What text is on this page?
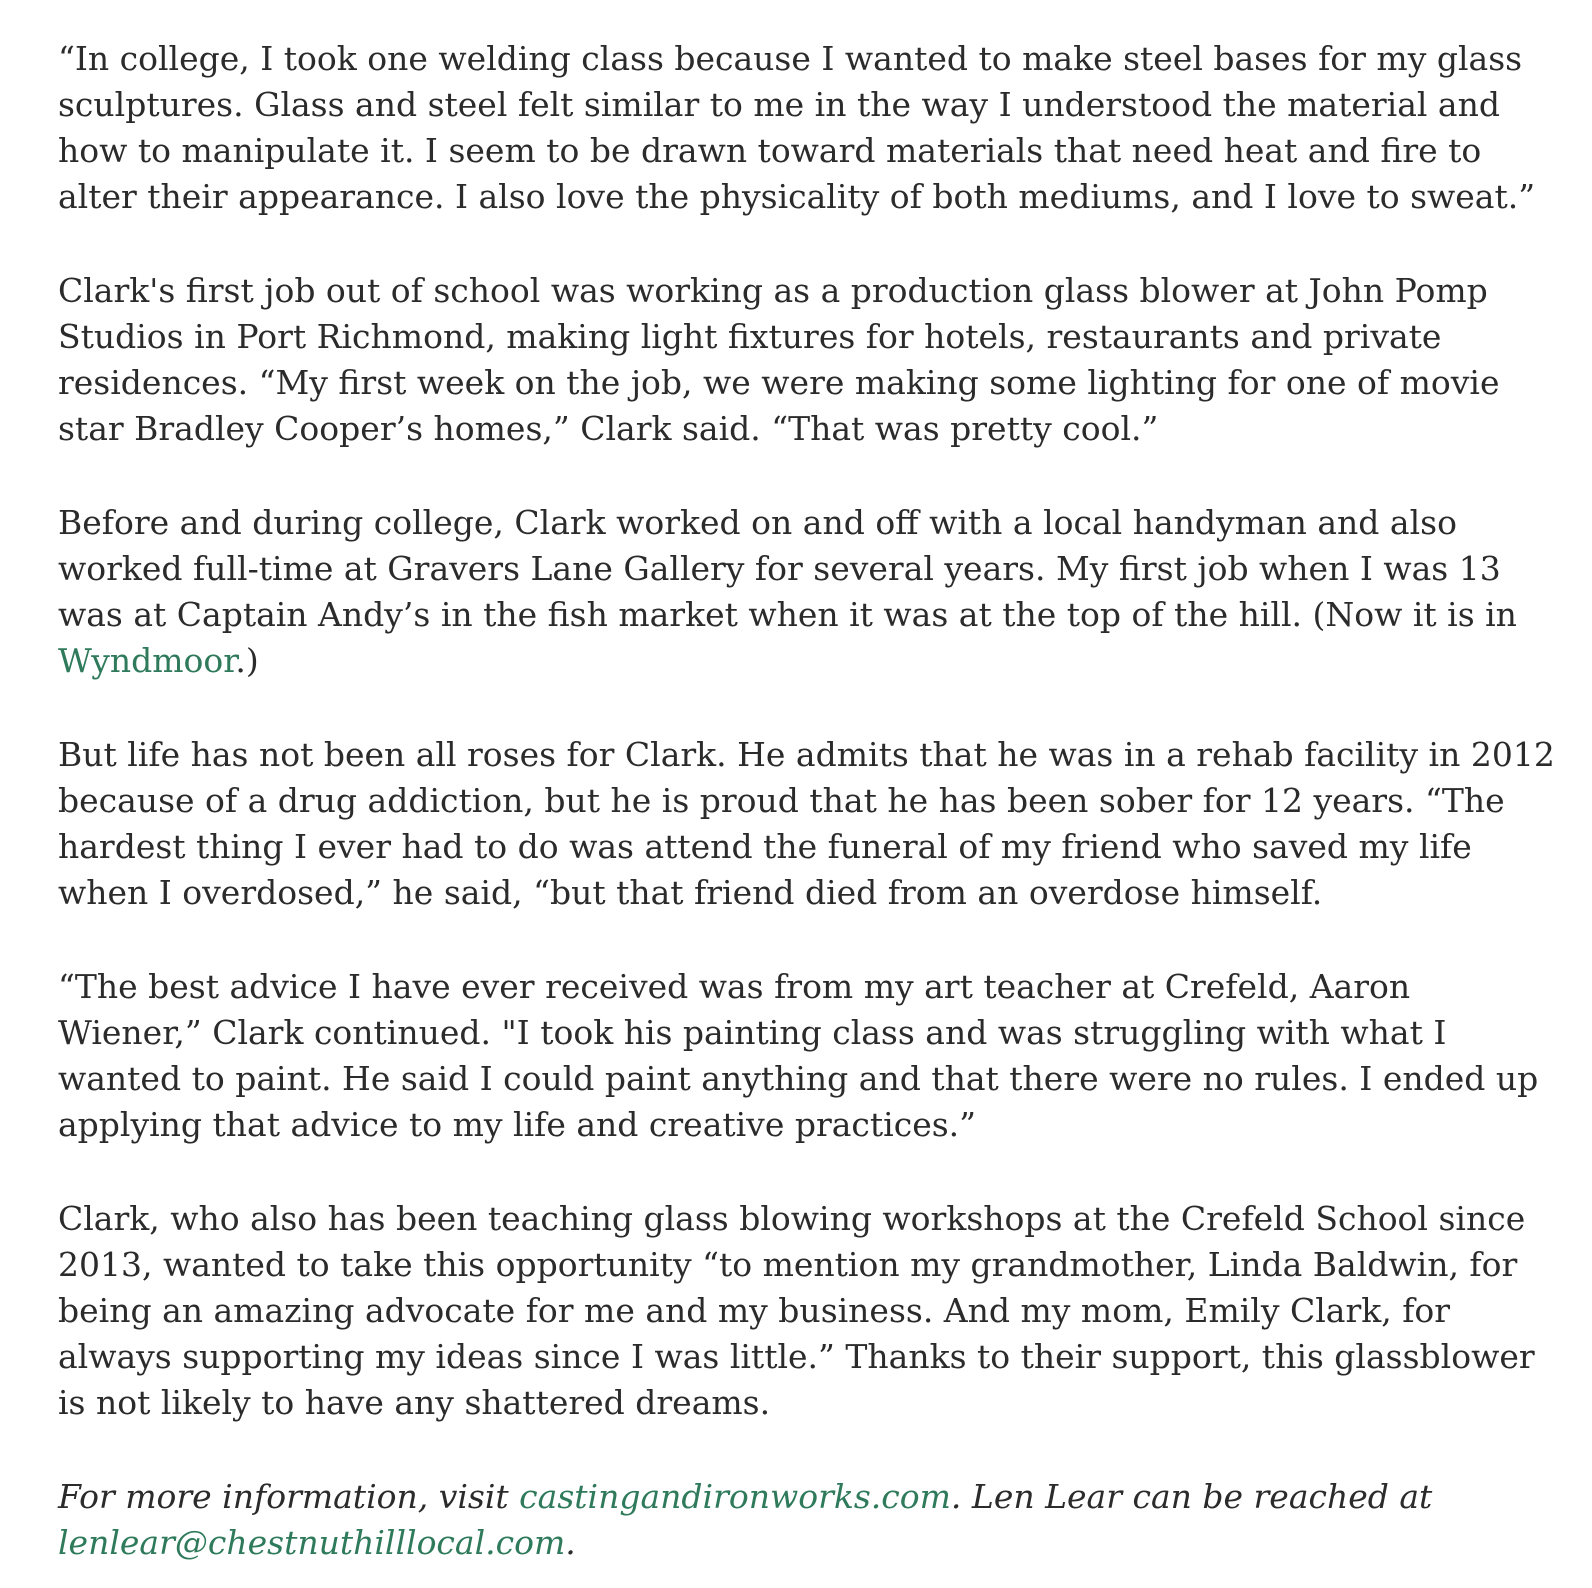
“In college, I took one welding class because I wanted to make steel bases for my glass sculptures. Glass and steel felt similar to me in the way I understood the material and how to manipulate it. I seem to be drawn toward materials that need heat and fire to alter their appearance. I also love the physicality of both mediums, and I love to sweat.”

Clark's first job out of school was working as a production glass blower at John Pomp Studios in Port Richmond, making light fixtures for hotels, restaurants and private residences. “My first week on the job, we were making some lighting for one of movie star Bradley Cooper’s homes,” Clark said. “That was pretty cool.”

Before and during college, Clark worked on and off with a local handyman and also worked full-time at Gravers Lane Gallery for several years. My first job when I was 13 was at Captain Andy’s in the fish market when it was at the top of the hill. (Now it is in Wyndmoor.)

But life has not been all roses for Clark. He admits that he was in a rehab facility in 2012 because of a drug addiction, but he is proud that he has been sober for 12 years. “The hardest thing I ever had to do was attend the funeral of my friend who saved my life when I overdosed,” he said, “but that friend died from an overdose himself.

“The best advice I have ever received was from my art teacher at Crefeld, Aaron Wiener,” Clark continued. "I took his painting class and was struggling with what I wanted to paint. He said I could paint anything and that there were no rules. I ended up applying that advice to my life and creative practices.”

Clark, who also has been teaching glass blowing workshops at the Crefeld School since 2013, wanted to take this opportunity “to mention my grandmother, Linda Baldwin, for being an amazing advocate for me and my business. And my mom, Emily Clark, for always supporting my ideas since I was little.” Thanks to their support, this glassblower is not likely to have any shattered dreams.

For more information, visit castingandironworks.com. Len Lear can be reached at lenlear@chestnuthilllocal.com.
